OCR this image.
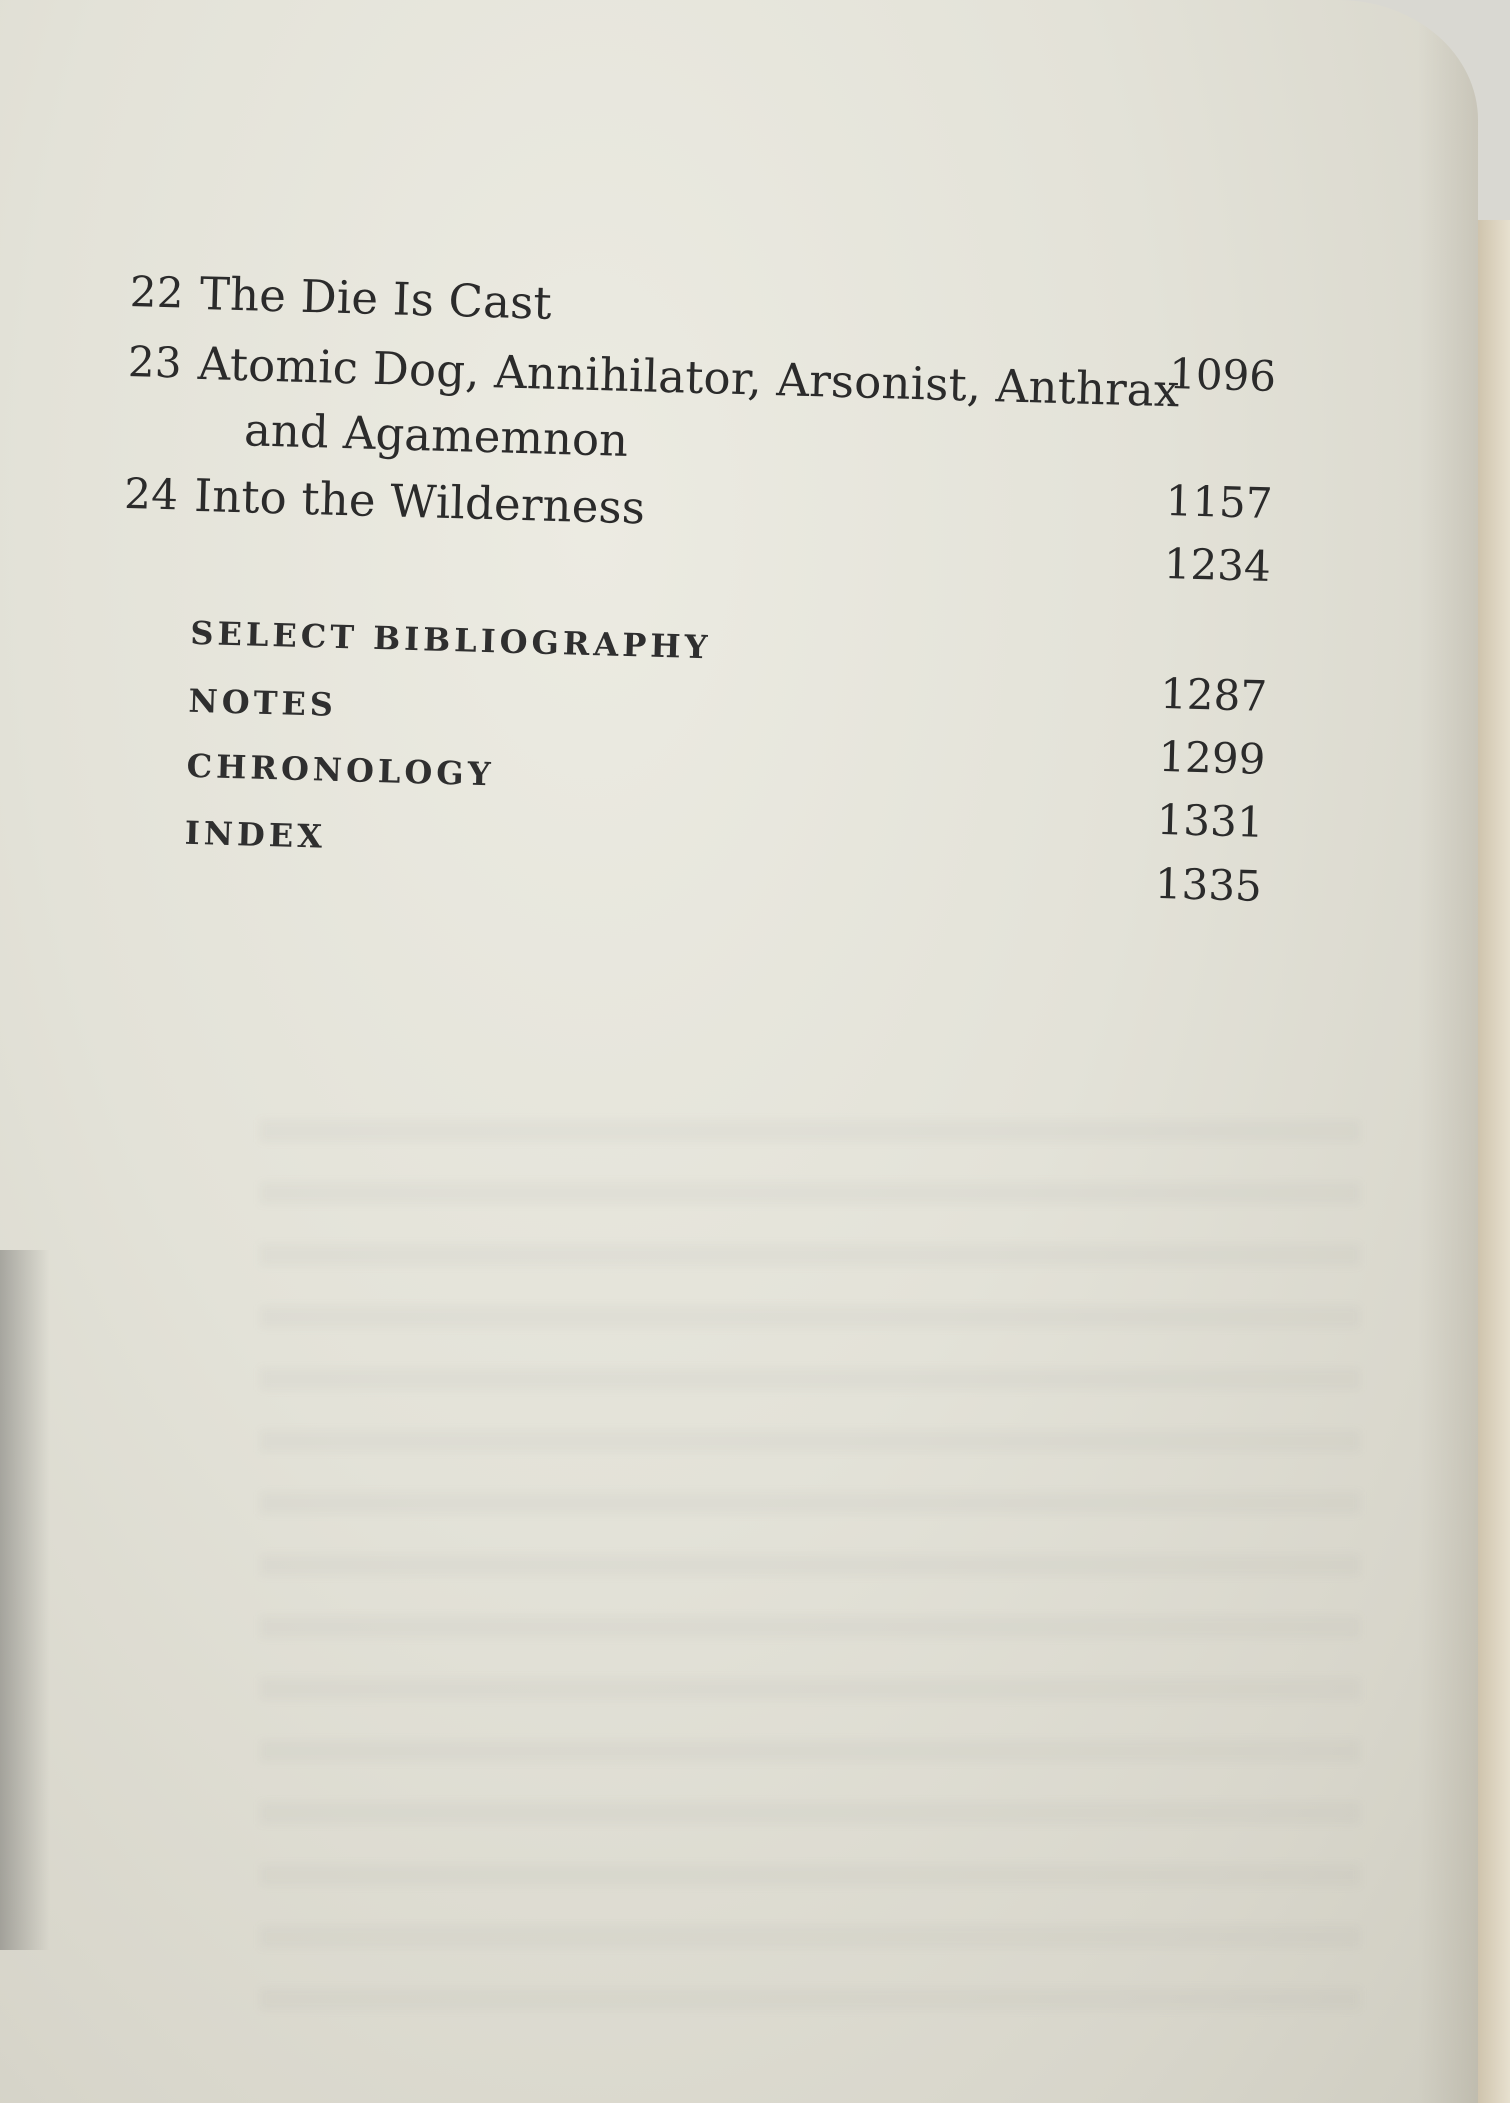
22 The Die Is Cast
1096
23 Atomic Dog, Annihilator, Arsonist, Anthrax
and Agamemnon
1157
24 Into the Wilderness
1234
SELECT BIBLIOGRAPHY
1287
NOTES
1299
CHRONOLOGY
1331
INDEX
1335
